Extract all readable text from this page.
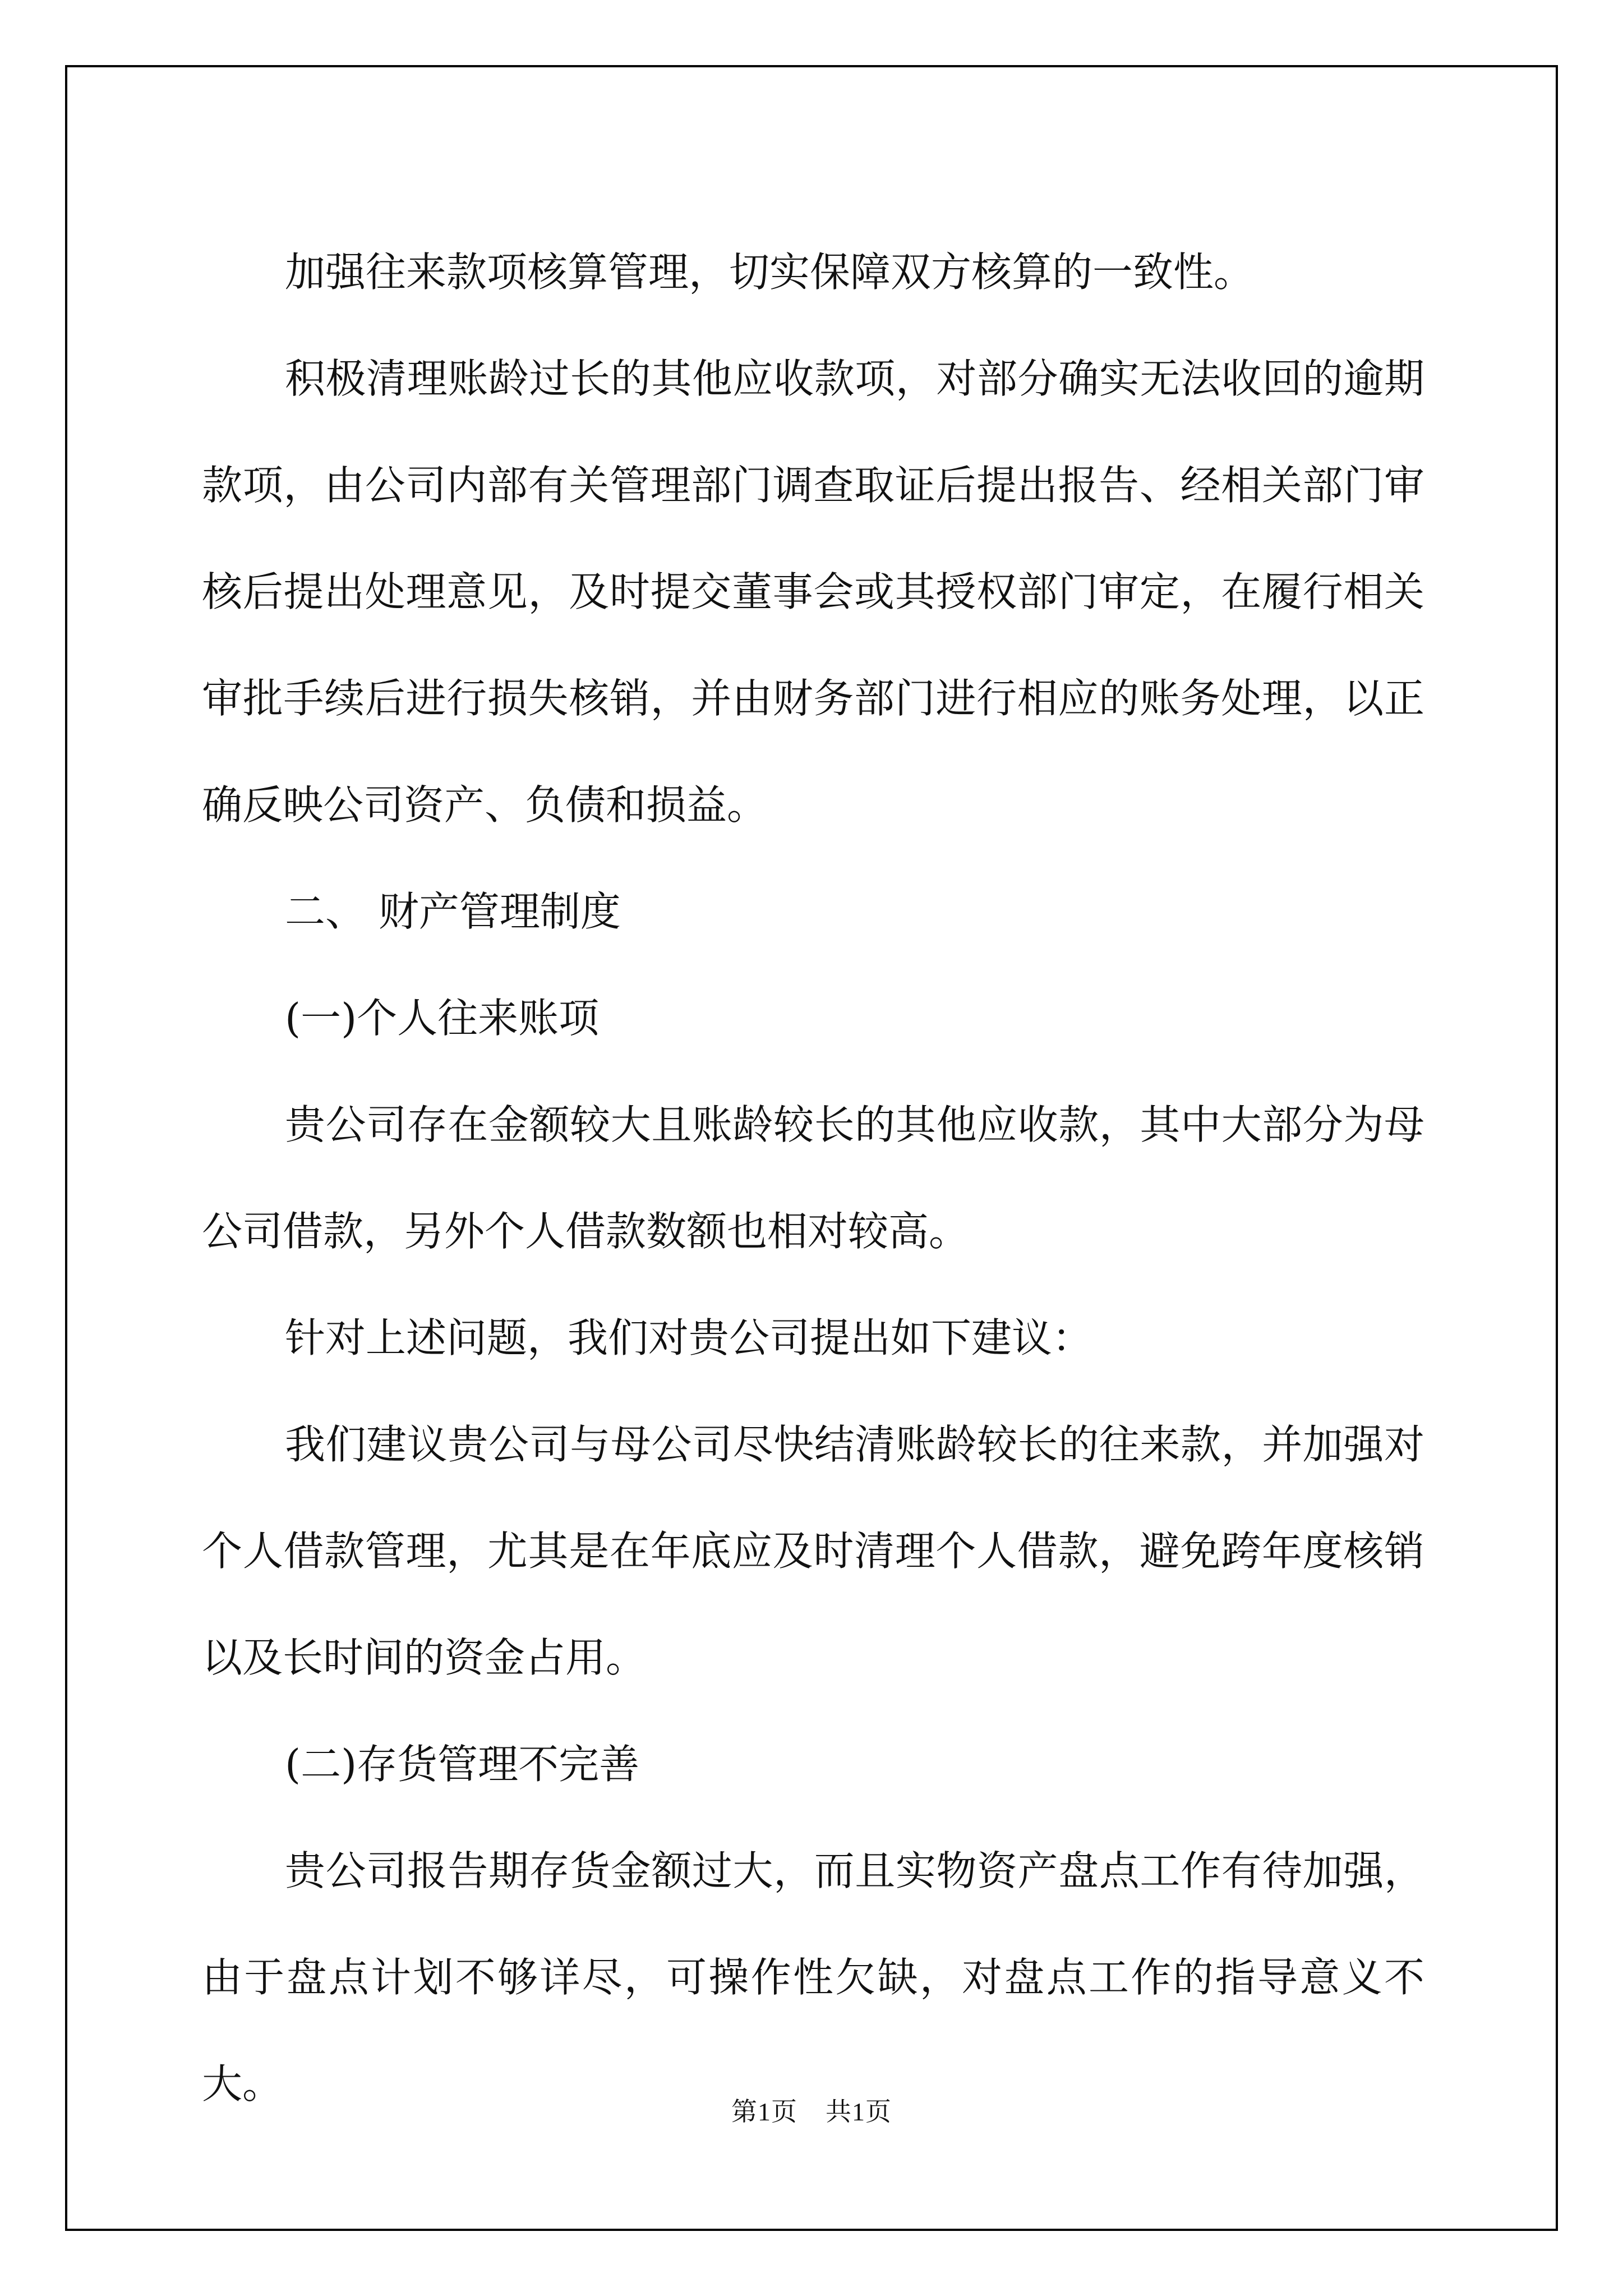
加强往来款项核算管理，切实保障双方核算的一致性。

积极清理账龄过长的其他应收款项，对部分确实无法收回的逾期款项，由公司内部有关管理部门调查取证后提出报告、经相关部门审核后提出处理意见，及时提交董事会或其授权部门审定，在履行相关审批手续后进行损失核销，并由财务部门进行相应的账务处理，以正确反映公司资产、负债和损益。

二、 财产管理制度

(一)个人往来账项

贵公司存在金额较大且账龄较长的其他应收款，其中大部分为母公司借款，另外个人借款数额也相对较高。

针对上述问题，我们对贵公司提出如下建议：

我们建议贵公司与母公司尽快结清账龄较长的往来款，并加强对个人借款管理，尤其是在年底应及时清理个人借款，避免跨年度核销以及长时间的资金占用。

(二)存货管理不完善

贵公司报告期存货金额过大，而且实物资产盘点工作有待加强，由于盘点计划不够详尽，可操作性欠缺，对盘点工作的指导意义不大。

第1页 共1页
